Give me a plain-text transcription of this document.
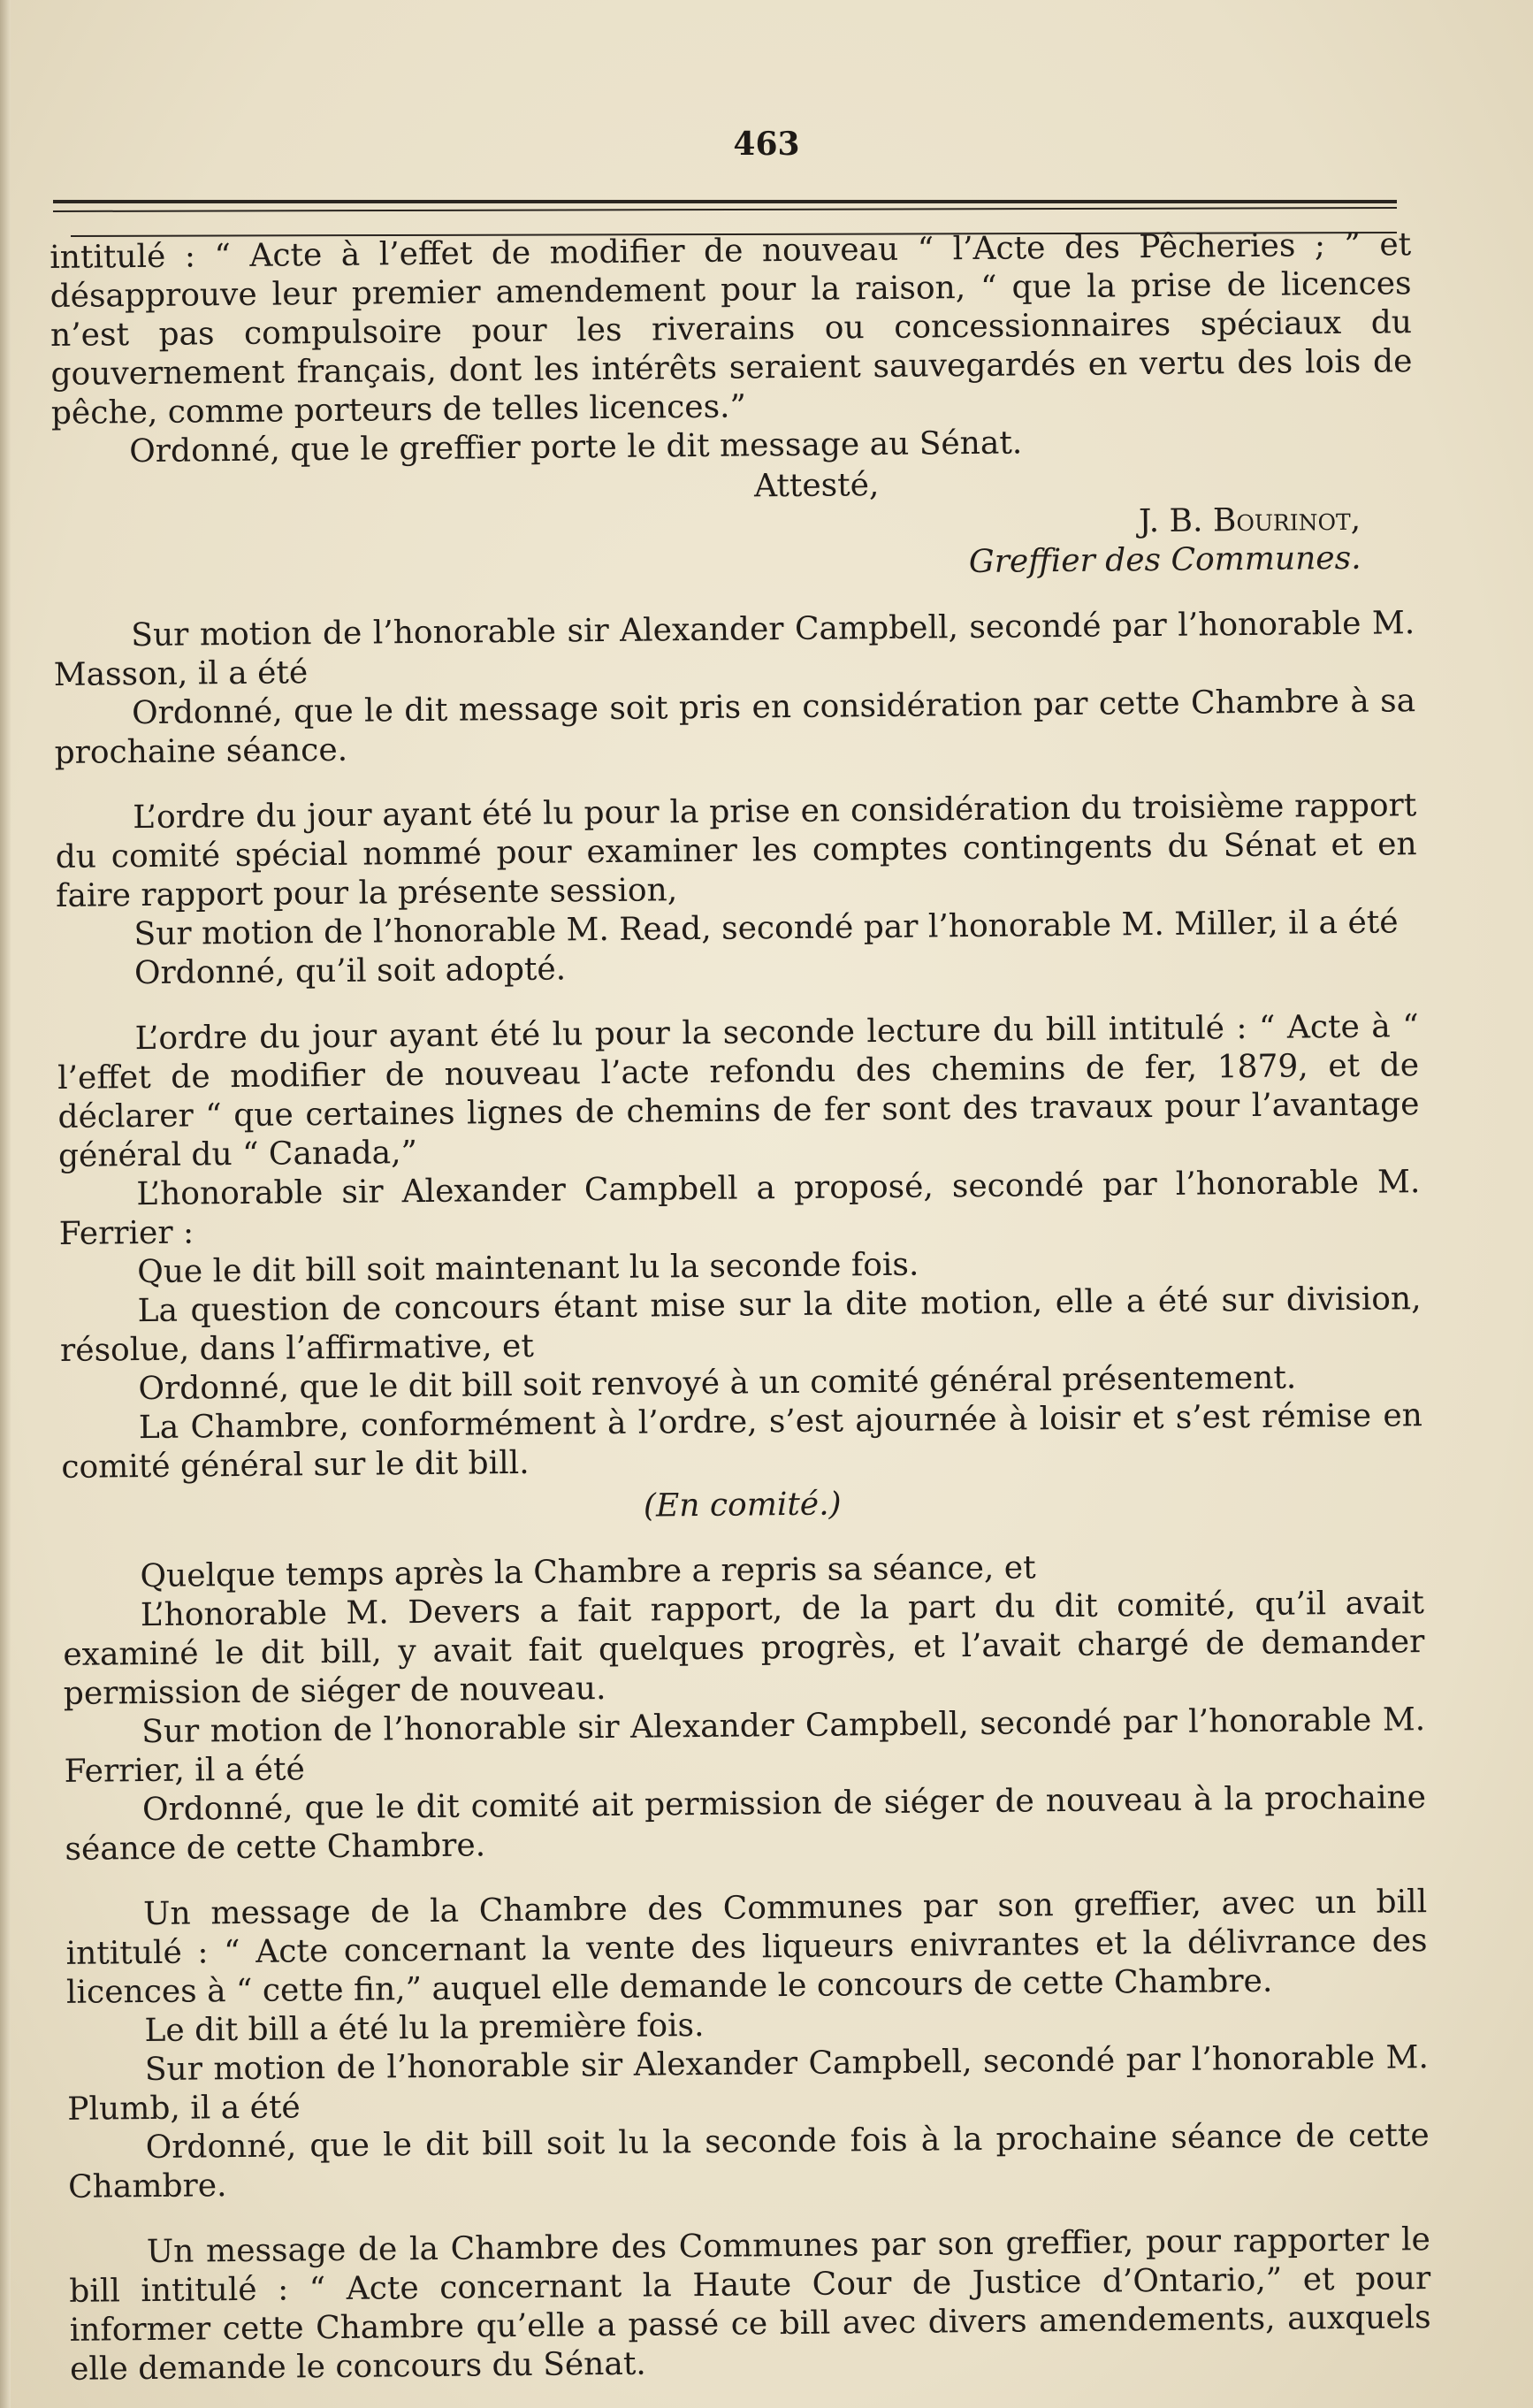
463

intitulé : “ Acte à l’effet de modifier de nouveau “ l’Acte des Pêcheries ; ” et désapprouve leur premier amendement pour la raison, “ que la prise de licences n’est pas compulsoire pour les riverains ou concessionnaires spéciaux du gouvernement français, dont les intérêts seraient sauvegardés en vertu des lois de pêche, comme porteurs de telles licences.”

Ordonné, que le greffier porte le dit message au Sénat.

Attesté,

J. B. Bourinot,

Greffier des Communes.

Sur motion de l’honorable sir Alexander Campbell, secondé par l’honorable M. Masson, il a été

Ordonné, que le dit message soit pris en considération par cette Chambre à sa prochaine séance.

L’ordre du jour ayant été lu pour la prise en considération du troisième rapport du comité spécial nommé pour examiner les comptes contingents du Sénat et en faire rapport pour la présente session,

Sur motion de l’honorable M. Read, secondé par l’honorable M. Miller, il a été

Ordonné, qu’il soit adopté.

L’ordre du jour ayant été lu pour la seconde lecture du bill intitulé : “ Acte à “ l’effet de modifier de nouveau l’acte refondu des chemins de fer, 1879, et de déclarer “ que certaines lignes de chemins de fer sont des travaux pour l’avantage général du “ Canada,”

L’honorable sir Alexander Campbell a proposé, secondé par l’honorable M. Ferrier :

Que le dit bill soit maintenant lu la seconde fois.

La question de concours étant mise sur la dite motion, elle a été sur division, résolue, dans l’affirmative, et

Ordonné, que le dit bill soit renvoyé à un comité général présentement.

La Chambre, conformément à l’ordre, s’est ajournée à loisir et s’est rémise en comité général sur le dit bill.

(En comité.)

Quelque temps après la Chambre a repris sa séance, et

L’honorable M. Devers a fait rapport, de la part du dit comité, qu’il avait examiné le dit bill, y avait fait quelques progrès, et l’avait chargé de demander permission de siéger de nouveau.

Sur motion de l’honorable sir Alexander Campbell, secondé par l’honorable M. Ferrier, il a été

Ordonné, que le dit comité ait permission de siéger de nouveau à la prochaine séance de cette Chambre.

Un message de la Chambre des Communes par son greffier, avec un bill intitulé : “ Acte concernant la vente des liqueurs enivrantes et la délivrance des licences à “ cette fin,” auquel elle demande le concours de cette Chambre.

Le dit bill a été lu la première fois.

Sur motion de l’honorable sir Alexander Campbell, secondé par l’honorable M. Plumb, il a été

Ordonné, que le dit bill soit lu la seconde fois à la prochaine séance de cette Chambre.

Un message de la Chambre des Communes par son greffier, pour rapporter le bill intitulé : “ Acte concernant la Haute Cour de Justice d’Ontario,” et pour informer cette Chambre qu’elle a passé ce bill avec divers amendements, auxquels elle demande le concours du Sénat.
